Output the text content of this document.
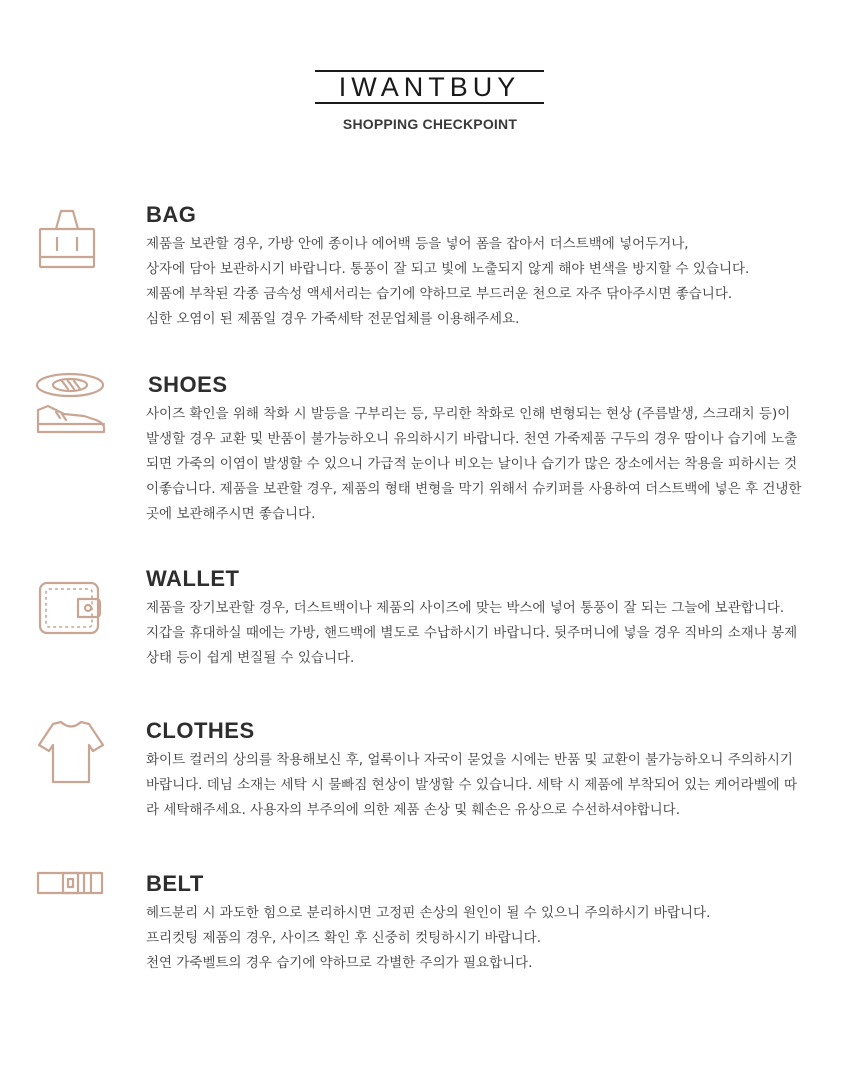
IWANTBUY
SHOPPING CHECKPOINT
BAG
제품을 보관할 경우, 가방 안에 종이나 에어백 등을 넣어 폼을 잡아서 더스트백에 넣어두거나,
상자에 담아 보관하시기 바랍니다. 통풍이 잘 되고 빛에 노출되지 않게 해야 변색을 방지할 수 있습니다.
제품에 부착된 각종 금속성 액세서리는 습기에 약하므로 부드러운 천으로 자주 닦아주시면 좋습니다.
심한 오염이 된 제품일 경우 가죽세탁 전문업체를 이용해주세요.
SHOES
사이즈 확인을 위해 착화 시 발등을 구부리는 등, 무리한 착화로 인해 변형되는 현상 (주름발생, 스크래치 등)이
발생할 경우 교환 및 반품이 불가능하오니 유의하시기 바랍니다. 천연 가죽제품 구두의 경우 땀이나 습기에 노출
되면 가죽의 이염이 발생할 수 있으니 가급적 눈이나 비오는 날이나 습기가 많은 장소에서는 착용을 피하시는 것
이좋습니다. 제품을 보관할 경우, 제품의 형태 변형을 막기 위해서 슈키퍼를 사용하여 더스트백에 넣은 후 건냉한
곳에 보관해주시면 좋습니다.
WALLET
제품을 장기보관할 경우, 더스트백이나 제품의 사이즈에 맞는 박스에 넣어 통풍이 잘 되는 그늘에 보관합니다.
지갑을 휴대하실 때에는 가방, 핸드백에 별도로 수납하시기 바랍니다. 뒷주머니에 넣을 경우 직바의 소재나 봉제
상태 등이 쉽게 변질될 수 있습니다.
CLOTHES
화이트 컬러의 상의를 착용해보신 후, 얼룩이나 자국이 묻었을 시에는 반품 및 교환이 불가능하오니 주의하시기
바랍니다. 데님 소재는 세탁 시 물빠짐 현상이 발생할 수 있습니다. 세탁 시 제품에 부착되어 있는 케어라벨에 따
라 세탁해주세요. 사용자의 부주의에 의한 제품 손상 및 훼손은 유상으로 수선하셔야합니다.
BELT
헤드분리 시 과도한 힘으로 분리하시면 고정핀 손상의 원인이 될 수 있으니 주의하시기 바랍니다.
프리컷팅 제품의 경우, 사이즈 확인 후 신중히 컷팅하시기 바랍니다.
천연 가죽벨트의 경우 습기에 약하므로 각별한 주의가 필요합니다.
